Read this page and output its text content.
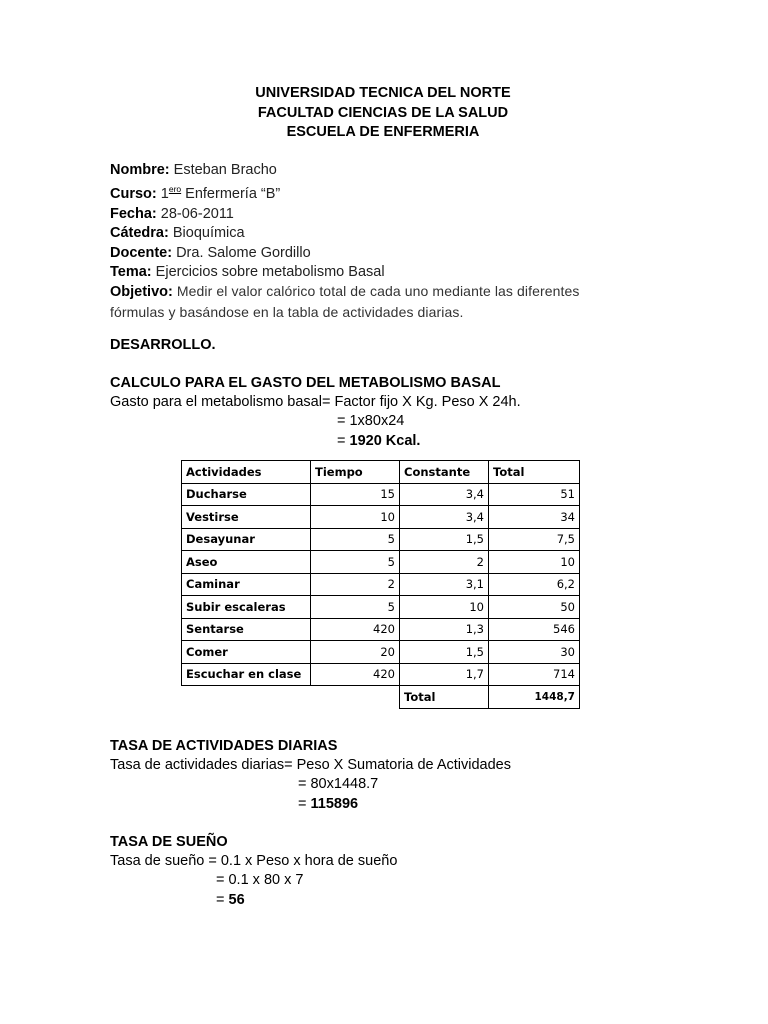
UNIVERSIDAD TECNICA DEL NORTE
FACULTAD CIENCIAS DE LA SALUD
ESCUELA DE ENFERMERIA
Nombre: Esteban Bracho
Curso: $1^{ero}$ Enfermería “B”
Fecha: 28-06-2011
Cátedra: Bioquímica
Docente: Dra. Salome Gordillo
Tema: Ejercicios sobre metabolismo Basal
Objetivo: Medir el valor calórico total de cada uno mediante las diferentes
fórmulas y basándose en la tabla de actividades diarias.
DESARROLLO.
CALCULO PARA EL GASTO DEL METABOLISMO BASAL
Gasto para el metabolismo basal= Factor fijo X Kg. Peso X 24h.
= 1x80x24
= 1920 Kcal.
Actividades	Tiempo	Constante	Total
Ducharse	15	3,4	51
Vestirse	10	3,4	34
Desayunar	5	1,5	7,5
Aseo	5	2	10
Caminar	2	3,1	6,2
Subir escaleras	5	10	50
Sentarse	420	1,3	546
Comer	20	1,5	30
Escuchar en clase	420	1,7	714
		Total	1448,7
TASA DE ACTIVIDADES DIARIAS
Tasa de actividades diarias= Peso X Sumatoria de Actividades
= 80x1448.7
= 115896
TASA DE SUEÑO
Tasa de sueño = 0.1 x Peso x hora de sueño
= 0.1 x 80 x 7
= 56
